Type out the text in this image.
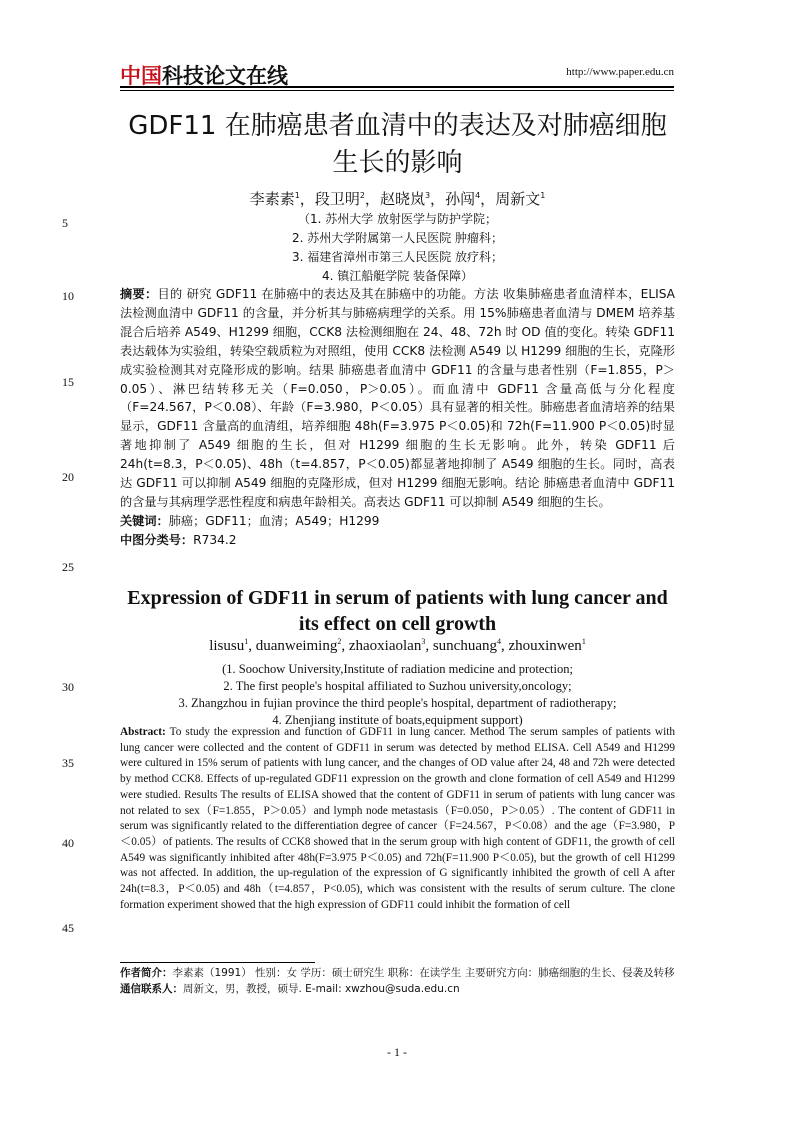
中国科技论文在线	http://www.paper.edu.cn
GDF11 在肺癌患者血清中的表达及对肺癌细胞生长的影响
李素素$^1$，段卫明$^2$，赵晓岚$^3$，孙闯$^4$，周新文$^1$
（1. 苏州大学 放射医学与防护学院；
2. 苏州大学附属第一人民医院 肿瘤科；
3. 福建省漳州市第三人民医院 放疗科；
4. 镇江船艇学院 装备保障）
5
10
15
20
25
30
35
40
45

摘要：目的 研究 GDF11 在肺癌中的表达及其在肺癌中的功能。方法 收集肺癌患者血清样本，ELISA 法检测血清中 GDF11 的含量，并分析其与肺癌病理学的关系。用 15%肺癌患者血清与 DMEM 培养基混合后培养 A549、H1299 细胞，CCK8 法检测细胞在 24、48、72h 时 OD 值的变化。转染 GDF11 表达载体为实验组，转染空载质粒为对照组，使用 CCK8 法检测 A549 以 H1299 细胞的生长，克隆形成实验检测其对克隆形成的影响。结果 肺癌患者血清中 GDF11 的含量与患者性别（F=1.855，P＞0.05）、淋巴结转移无关（F=0.050，P＞0.05）。而血清中 GDF11 含量高低与分化程度（F=24.567，P＜0.08）、年龄（F=3.980，P＜0.05）具有显著的相关性。肺癌患者血清培养的结果显示，GDF11 含量高的血清组，培养细胞 48h(F=3.975 P＜0.05)和 72h(F=11.900 P＜0.05)时显著地抑制了 A549 细胞的生长，但对 H1299 细胞的生长无影响。此外，转染 GDF11 后 24h(t=8.3，P＜0.05)、48h（t=4.857，P＜0.05)都显著地抑制了 A549 细胞的生长。同时，高表达 GDF11 可以抑制 A549 细胞的克隆形成，但对 H1299 细胞无影响。结论 肺癌患者血清中 GDF11 的含量与其病理学恶性程度和病患年龄相关。高表达 GDF11 可以抑制 A549 细胞的生长。

关键词：肺癌；GDF11；血清；A549；H1299

中图分类号：R734.2

Expression of GDF11 in serum of patients with lung cancer and its effect on cell growth
lisusu$^1$, duanweiming$^2$, zhaoxiaolan$^3$, sunchuang$^4$, zhouxinwen$^1$
(1. Soochow University,Institute of radiation medicine and protection;
2. The first people's hospital affiliated to Suzhou university,oncology;
3. Zhangzhou in fujian province the third people's hospital, department of radiotherapy;
4. Zhenjiang institute of boats,equipment support)
Abstract: To study the expression and function of GDF11 in lung cancer. Method The serum samples of patients with lung cancer were collected and the content of GDF11 in serum was detected by method ELISA. Cell A549 and H1299 were cultured in 15% serum of patients with lung cancer, and the changes of OD value after 24, 48 and 72h were detected by method CCK8. Effects of up-regulated GDF11 expression on the growth and clone formation of cell A549 and H1299 were studied. Results The results of ELISA showed that the content of GDF11 in serum of patients with lung cancer was not related to sex（F=1.855，P＞0.05）and lymph node metastasis（F=0.050，P＞0.05）. The content of GDF11 in serum was significantly related to the differentiation degree of cancer（F=24.567，P＜0.08）and the age（F=3.980，P＜0.05）of patients. The results of CCK8 showed that in the serum group with high content of GDF11, the growth of cell A549 was significantly inhibited after 48h(F=3.975 P＜0.05) and 72h(F=11.900 P＜0.05), but the growth of cell H1299 was not affected. In addition, the up-regulation of the expression of G significantly inhibited the growth of cell A after 24h(t=8.3，P＜0.05) and 48h（t=4.857，P<0.05), which was consistent with the results of serum culture. The clone formation experiment showed that the high expression of GDF11 could inhibit the formation of cell

作者简介：李素素（1991） 性别：女 学历：硕士研究生 职称：在读学生 主要研究方向：肺癌细胞的生长、侵袭及转移

通信联系人：周新文，男，教授，硕导. E-mail: xwzhou@suda.edu.cn

- 1 -
